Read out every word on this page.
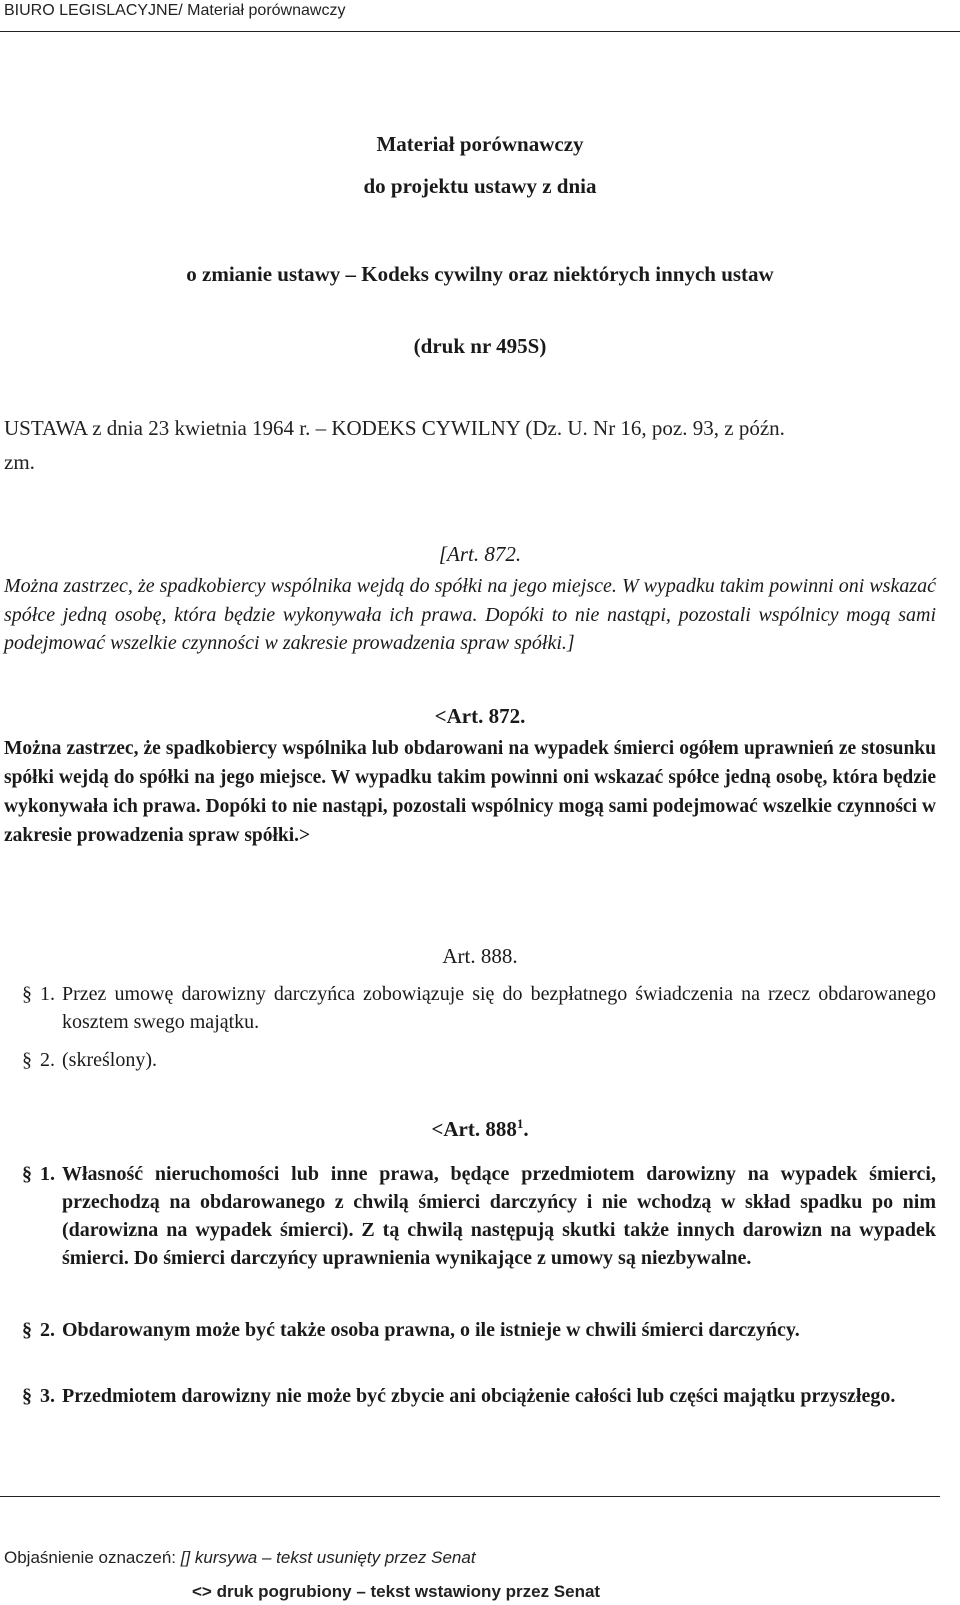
BIURO LEGISLACYJNE/ Materiał porównawczy
Materiał porównawczy
do projektu ustawy z dnia
o zmianie ustawy – Kodeks cywilny oraz niektórych innych ustaw
(druk nr 495S)
USTAWA z dnia 23 kwietnia 1964 r. – KODEKS CYWILNY (Dz. U. Nr 16, poz. 93, z późn.
zm.
[Art. 872.
Można zastrzec, że spadkobiercy wspólnika wejdą do spółki na jego miejsce. W wypadku takim powinni oni wskazać spółce jedną osobę, która będzie wykonywała ich prawa. Dopóki to nie nastąpi, pozostali wspólnicy mogą sami podejmować wszelkie czynności w zakresie prowadzenia spraw spółki.]
<Art. 872.
Można zastrzec, że spadkobiercy wspólnika lub obdarowani na wypadek śmierci ogółem uprawnień ze stosunku spółki wejdą do spółki na jego miejsce. W wypadku takim powinni oni wskazać spółce jedną osobę, która będzie wykonywała ich prawa. Dopóki to nie nastąpi, pozostali wspólnicy mogą sami podejmować wszelkie czynności w zakresie prowadzenia spraw spółki.>
Art. 888.
§ 1. Przez umowę darowizny darczyńca zobowiązuje się do bezpłatnego świadczenia na rzecz obdarowanego kosztem swego majątku.
§ 2. (skreślony).
<Art. $888^1$.
§ 1. Własność nieruchomości lub inne prawa, będące przedmiotem darowizny na wypadek śmierci, przechodzą na obdarowanego z chwilą śmierci darczyńcy i nie wchodzą w skład spadku po nim (darowizna na wypadek śmierci). Z tą chwilą następują skutki także innych darowizn na wypadek śmierci. Do śmierci darczyńcy uprawnienia wynikające z umowy są niezbywalne.
§ 2. Obdarowanym może być także osoba prawna, o ile istnieje w chwili śmierci darczyńcy.
§ 3. Przedmiotem darowizny nie może być zbycie ani obciążenie całości lub części majątku przyszłego.
Objaśnienie oznaczeń: [] kursywa – tekst usunięty przez Senat
<> druk pogrubiony – tekst wstawiony przez Senat
